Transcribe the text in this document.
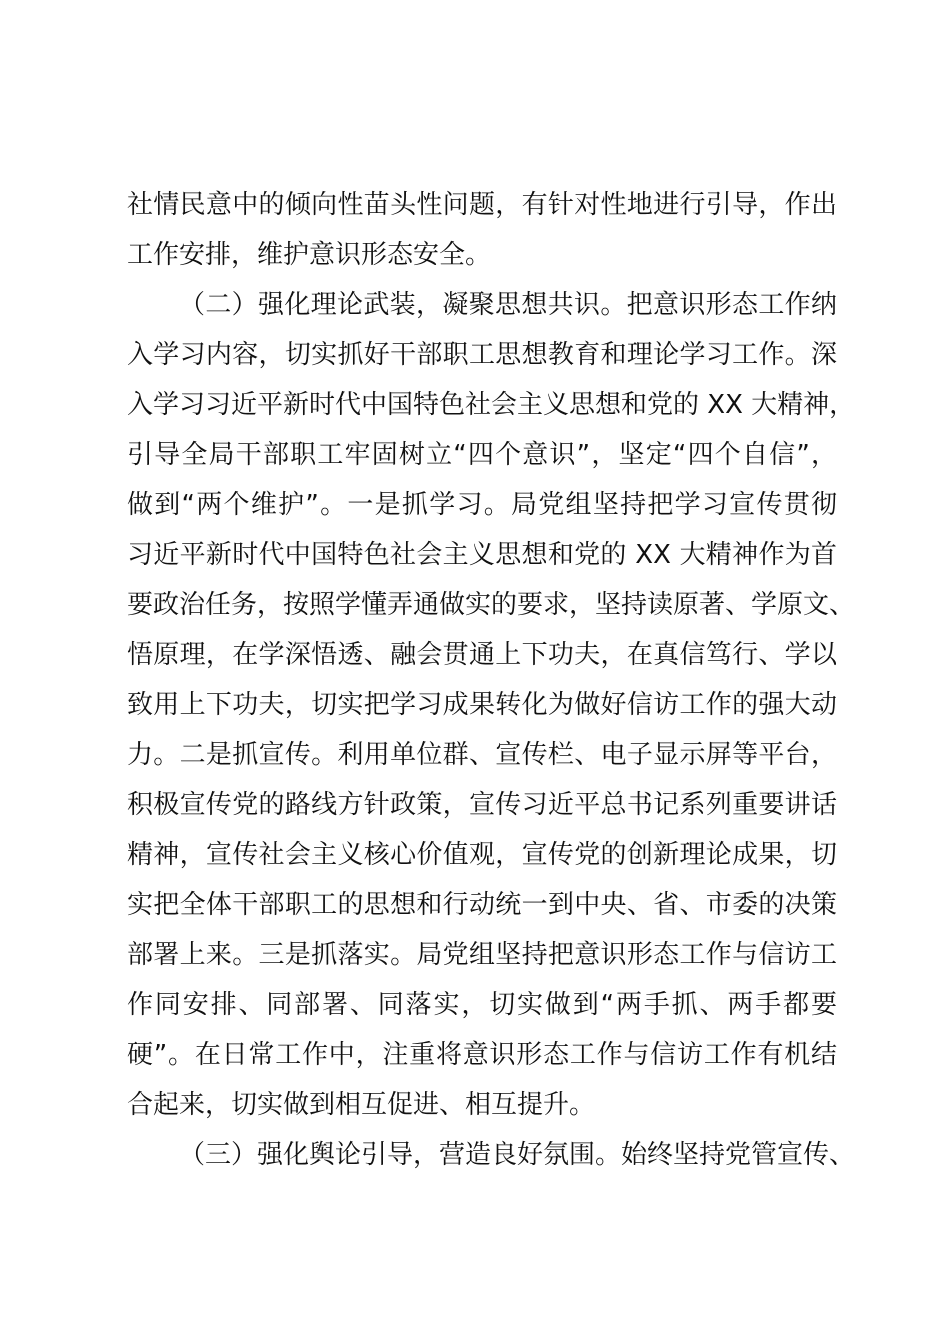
社情民意中的倾向性苗头性问题，有针对性地进行引导，作出
工作安排，维护意识形态安全。
（二）强化理论武装，凝聚思想共识。把意识形态工作纳
入学习内容，切实抓好干部职工思想教育和理论学习工作。深
入学习习近平新时代中国特色社会主义思想和党的 XX 大精神，
引导全局干部职工牢固树立“四个意识”，坚定“四个自信”，
做到“两个维护”。一是抓学习。局党组坚持把学习宣传贯彻
习近平新时代中国特色社会主义思想和党的 XX 大精神作为首
要政治任务，按照学懂弄通做实的要求，坚持读原著、学原文、
悟原理，在学深悟透、融会贯通上下功夫，在真信笃行、学以
致用上下功夫，切实把学习成果转化为做好信访工作的强大动
力。二是抓宣传。利用单位群、宣传栏、电子显示屏等平台，
积极宣传党的路线方针政策，宣传习近平总书记系列重要讲话
精神，宣传社会主义核心价值观，宣传党的创新理论成果，切
实把全体干部职工的思想和行动统一到中央、省、市委的决策
部署上来。三是抓落实。局党组坚持把意识形态工作与信访工
作同安排、同部署、同落实，切实做到“两手抓、两手都要
硬”。在日常工作中，注重将意识形态工作与信访工作有机结
合起来，切实做到相互促进、相互提升。
（三）强化舆论引导，营造良好氛围。始终坚持党管宣传、
